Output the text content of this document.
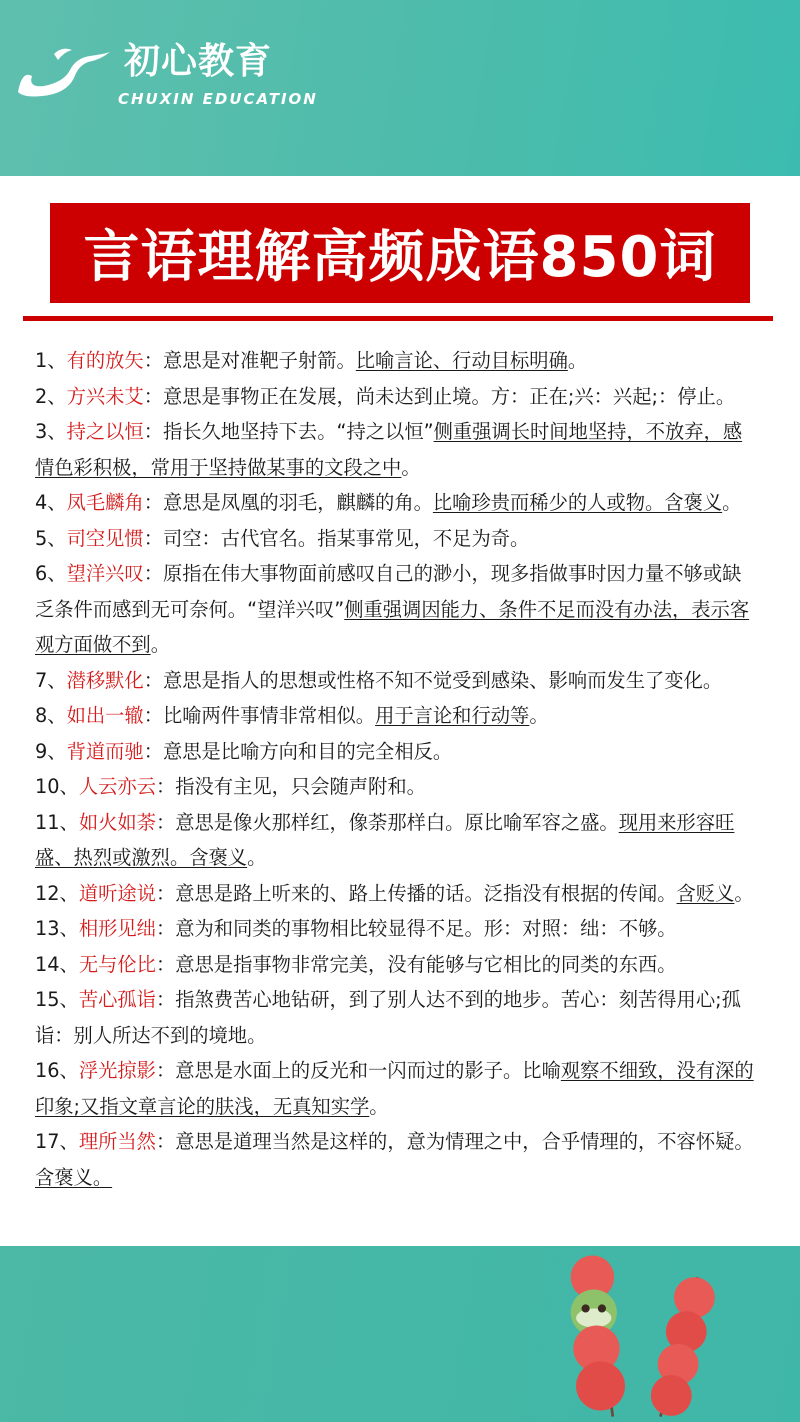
初心教育
CHUXIN EDUCATION
言语理解高频成语850词

1、有的放矢：意思是对准靶子射箭。比喻言论、行动目标明确。

2、方兴未艾：意思是事物正在发展，尚未达到止境。方：正在;兴：兴起;：停止。

3、持之以恒：指长久地坚持下去。“持之以恒”侧重强调长时间地坚持，不放弃，感情色彩积极，常用于坚持做某事的文段之中。

4、凤毛麟角：意思是凤凰的羽毛，麒麟的角。比喻珍贵而稀少的人或物。含褒义。

5、司空见惯：司空：古代官名。指某事常见，不足为奇。

6、望洋兴叹：原指在伟大事物面前感叹自己的渺小，现多指做事时因力量不够或缺乏条件而感到无可奈何。“望洋兴叹”侧重强调因能力、条件不足而没有办法，表示客观方面做不到。

7、潜移默化：意思是指人的思想或性格不知不觉受到感染、影响而发生了变化。

8、如出一辙：比喻两件事情非常相似。用于言论和行动等。

9、背道而驰：意思是比喻方向和目的完全相反。

10、人云亦云：指没有主见，只会随声附和。

11、如火如荼：意思是像火那样红，像荼那样白。原比喻军容之盛。现用来形容旺盛、热烈或激烈。含褒义。

12、道听途说：意思是路上听来的、路上传播的话。泛指没有根据的传闻。含贬义。

13、相形见绌：意为和同类的事物相比较显得不足。形：对照：绌：不够。

14、无与伦比：意思是指事物非常完美，没有能够与它相比的同类的东西。

15、苦心孤诣：指煞费苦心地钻研，到了别人达不到的地步。苦心：刻苦得用心;孤诣：别人所达不到的境地。

16、浮光掠影：意思是水面上的反光和一闪而过的影子。比喻观察不细致，没有深的印象;又指文章言论的肤浅，无真知实学。

17、理所当然：意思是道理当然是这样的，意为情理之中，合乎情理的，不容怀疑。含褒义。
